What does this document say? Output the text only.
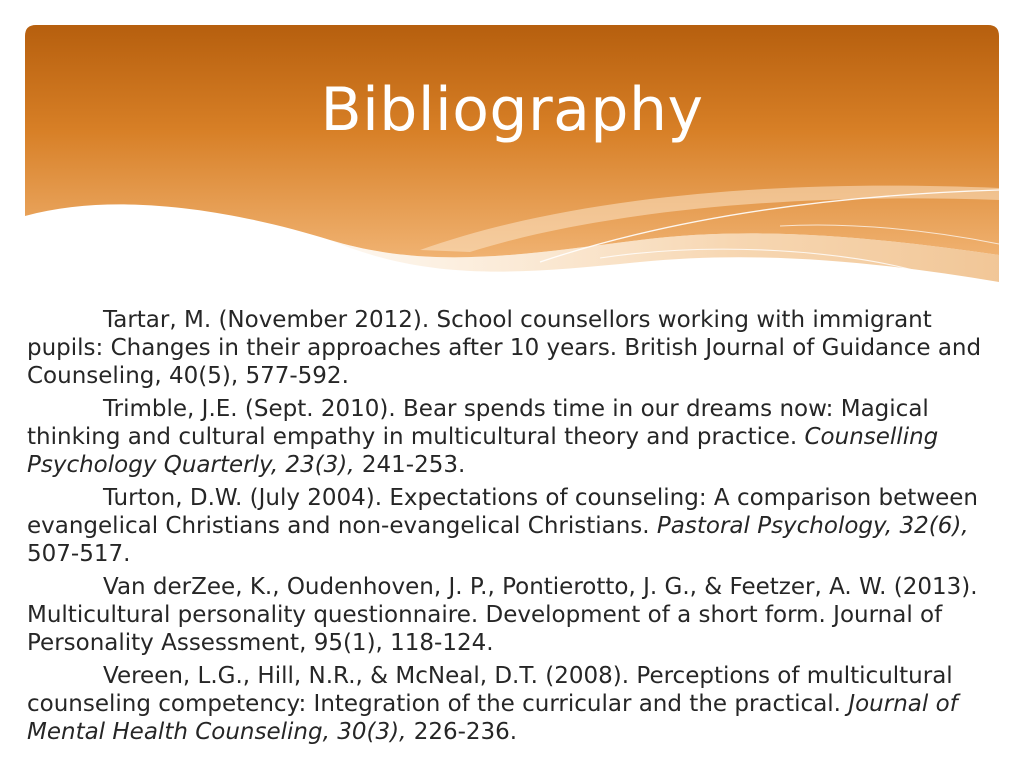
Bibliography

Tartar, M. (November 2012). School counsellors working with immigrant pupils: Changes in their approaches after 10 years. British Journal of Guidance and Counseling, 40(5), 577-592.

Trimble, J.E. (Sept. 2010). Bear spends time in our dreams now: Magical thinking and cultural empathy in multicultural theory and practice. Counselling Psychology Quarterly, 23(3), 241-253.

Turton, D.W. (July 2004). Expectations of counseling: A comparison between evangelical Christians and non-evangelical Christians. Pastoral Psychology, 32(6), 507-517.

Van derZee, K., Oudenhoven, J. P., Pontierotto, J. G., & Feetzer, A. W. (2013). Multicultural personality questionnaire. Development of a short form. Journal of Personality Assessment, 95(1), 118-124.

Vereen, L.G., Hill, N.R., & McNeal, D.T. (2008). Perceptions of multicultural counseling competency: Integration of the curricular and the practical. Journal of Mental Health Counseling, 30(3), 226-236.
